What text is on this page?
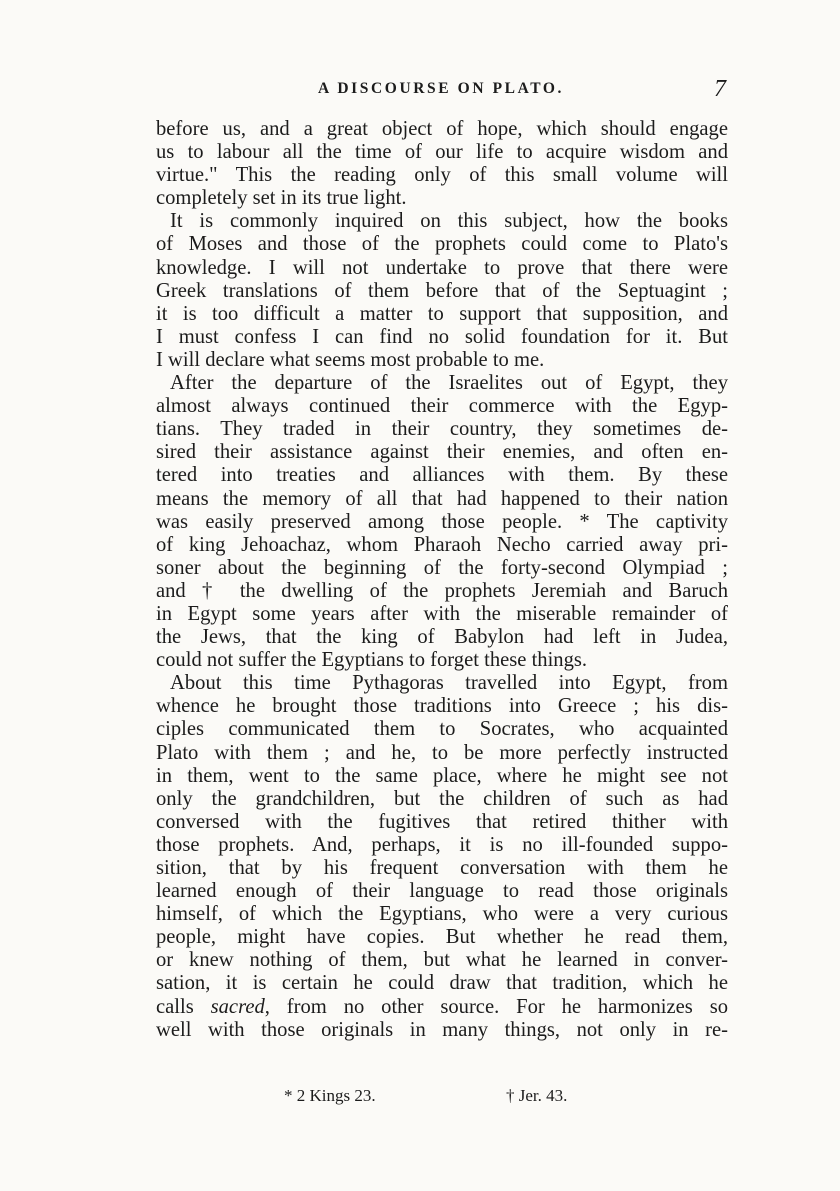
A DISCOURSE ON PLATO.	7
before us, and a great object of hope, which should engage
us to labour all the time of our life to acquire wisdom and
virtue." This the reading only of this small volume will
completely set in its true light.
It is commonly inquired on this subject, how the books
of Moses and those of the prophets could come to Plato's
knowledge. I will not undertake to prove that there were
Greek translations of them before that of the Septuagint ;
it is too difficult a matter to support that supposition, and
I must confess I can find no solid foundation for it. But
I will declare what seems most probable to me.
After the departure of the Israelites out of Egypt, they
almost always continued their commerce with the Egyp-
tians. They traded in their country, they sometimes de-
sired their assistance against their enemies, and often en-
tered into treaties and alliances with them. By these
means the memory of all that had happened to their nation
was easily preserved among those people. * The captivity
of king Jehoachaz, whom Pharaoh Necho carried away pri-
soner about the beginning of the forty-second Olympiad ;
and † the dwelling of the prophets Jeremiah and Baruch
in Egypt some years after with the miserable remainder of
the Jews, that the king of Babylon had left in Judea,
could not suffer the Egyptians to forget these things.
About this time Pythagoras travelled into Egypt, from
whence he brought those traditions into Greece ; his dis-
ciples communicated them to Socrates, who acquainted
Plato with them ; and he, to be more perfectly instructed
in them, went to the same place, where he might see not
only the grandchildren, but the children of such as had
conversed with the fugitives that retired thither with
those prophets. And, perhaps, it is no ill-founded suppo-
sition, that by his frequent conversation with them he
learned enough of their language to read those originals
himself, of which the Egyptians, who were a very curious
people, might have copies. But whether he read them,
or knew nothing of them, but what he learned in conver-
sation, it is certain he could draw that tradition, which he
calls sacred, from no other source. For he harmonizes so
well with those originals in many things, not only in re-
* 2 Kings 23.	† Jer. 43.
